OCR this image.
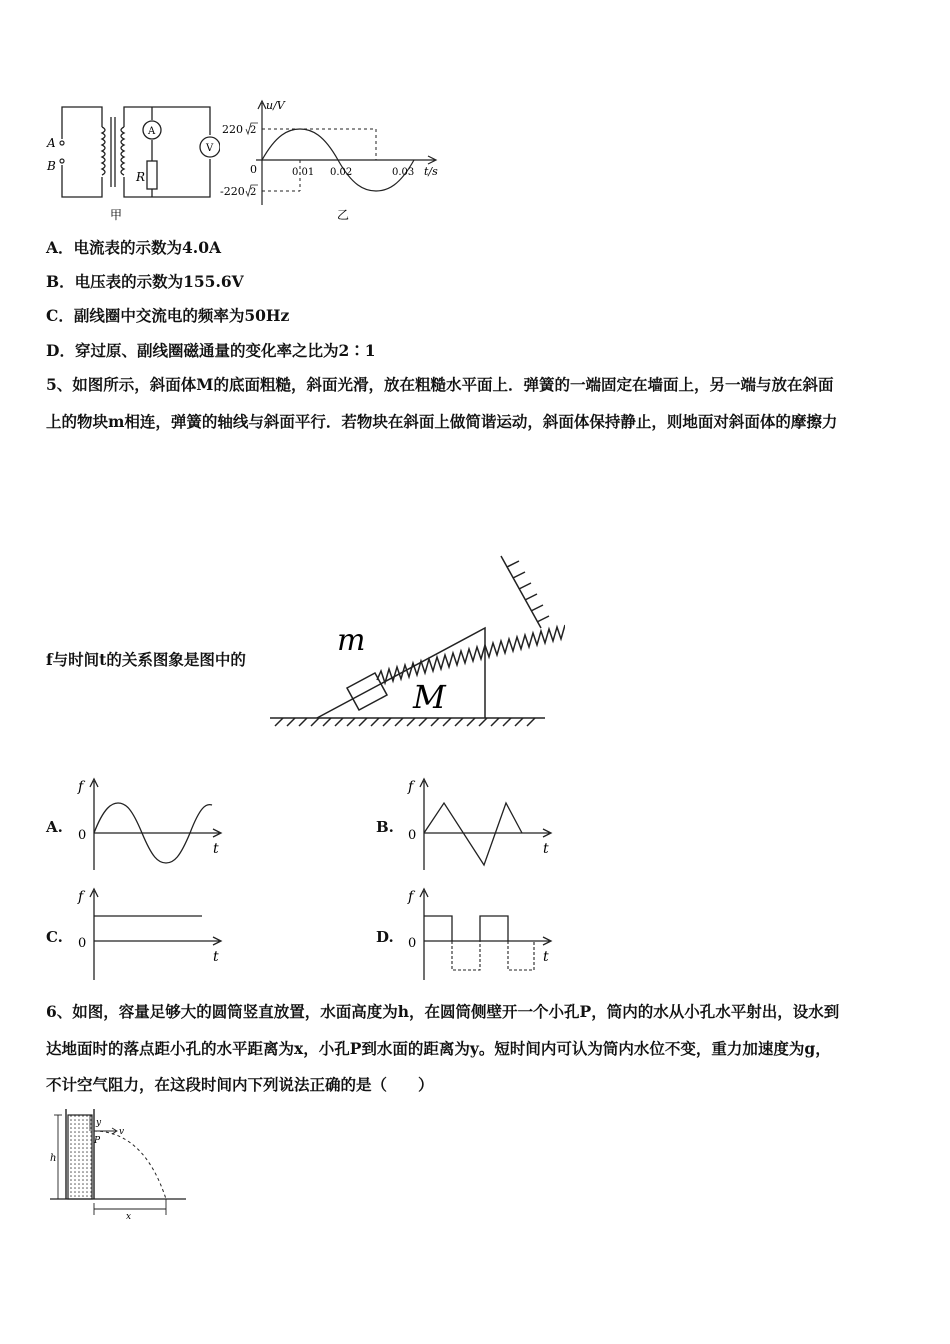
A
B
A
V
R
甲
u/V
220 2
0
-220 2
0.01 0.02	0.03 t/s
乙
A．电流表的示数为4.0A
B．电压表的示数为155.6V
C．副线圈中交流电的频率为50Hz
D．穿过原、副线圈磁通量的变化率之比为2∶1
5、如图所示，斜面体M的底面粗糙，斜面光滑，放在粗糙水平面上．弹簧的一端固定在墙面上，另一端与放在斜面
上的物块m相连，弹簧的轴线与斜面平行．若物块在斜面上做简谐运动，斜面体保持静止，则地面对斜面体的摩擦力
f与时间t的关系图象是图中的
m
M
A.
f
0
t
B.
f
0
t
C.
f
0
t
D.
f
0
t
6、如图，容量足够大的圆筒竖直放置，水面高度为h，在圆筒侧壁开一个小孔P，筒内的水从小孔水平射出，设水到
达地面时的落点距小孔的水平距离为x，小孔P到水面的距离为y。短时间内可认为筒内水位不变，重力加速度为g，
不计空气阻力，在这段时间内下列说法正确的是（　　）
h
y
P
v
x
